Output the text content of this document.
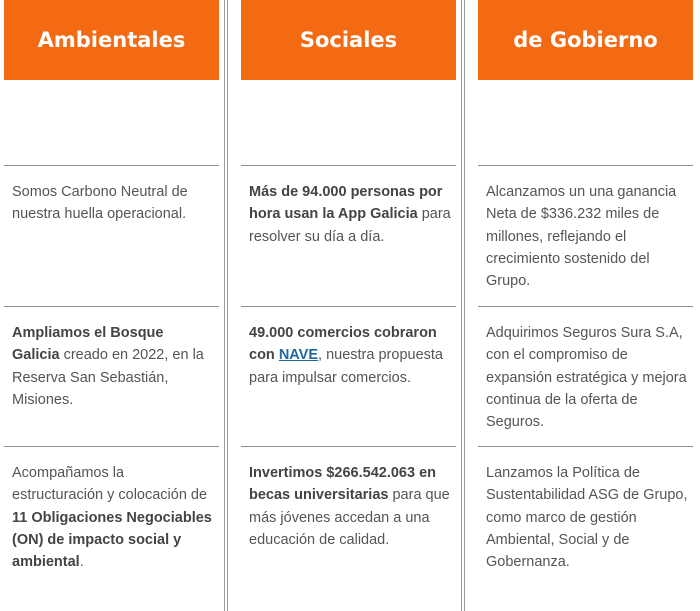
Ambientales
Somos Carbono Neutral de nuestra huella operacional.
Ampliamos el Bosque Galicia creado en 2022, en la Reserva San Sebastián, Misiones.
Acompañamos la estructuración y colocación de 11 Obligaciones Negociables (ON) de impacto social y ambiental.
Sociales
Más de 94.000 personas por hora usan la App Galicia para resolver su día a día.
49.000 comercios cobraron con NAVE, nuestra propuesta para impulsar comercios.
Invertimos $266.542.063 en becas universitarias para que más jóvenes accedan a una educación de calidad.
de Gobierno
Alcanzamos un una ganancia Neta de $336.232 miles de millones, reflejando el crecimiento sostenido del Grupo.
Adquirimos Seguros Sura S.A, con el compromiso de expansión estratégica y mejora continua de la oferta de Seguros.
Lanzamos la Política de Sustentabilidad ASG de Grupo, como marco de gestión Ambiental, Social y de Gobernanza.
